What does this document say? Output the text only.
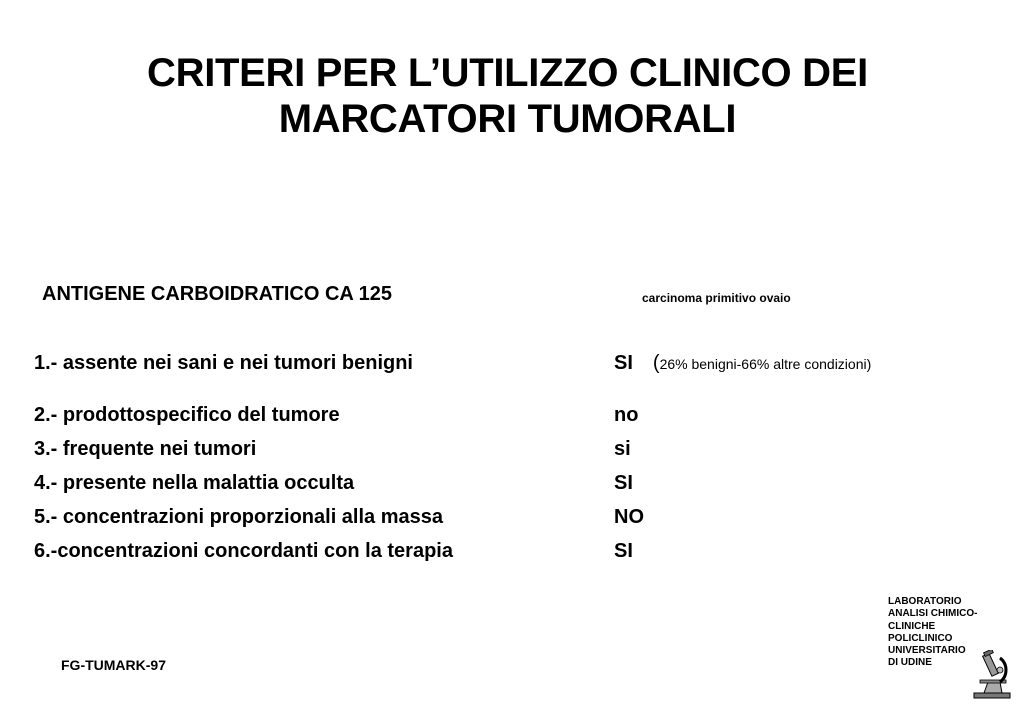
CRITERI PER L’UTILIZZO CLINICO DEI
MARCATORI TUMORALI
ANTIGENE CARBOIDRATICO CA 125	carcinoma primitivo ovaio
1.- assente nei sani e nei tumori benigni	SI (26% benigni-66% altre condizioni)
2.- prodottospecifico del tumore	no
3.- frequente nei tumori	si
4.- presente nella malattia occulta	SI
5.- concentrazioni proporzionali alla massa	NO
6.-concentrazioni concordanti con la terapia	SI
FG-TUMARK-97
LABORATORIO
ANALISI CHIMICO-
CLINICHE
POLICLINICO
UNIVERSITARIO
DI UDINE
